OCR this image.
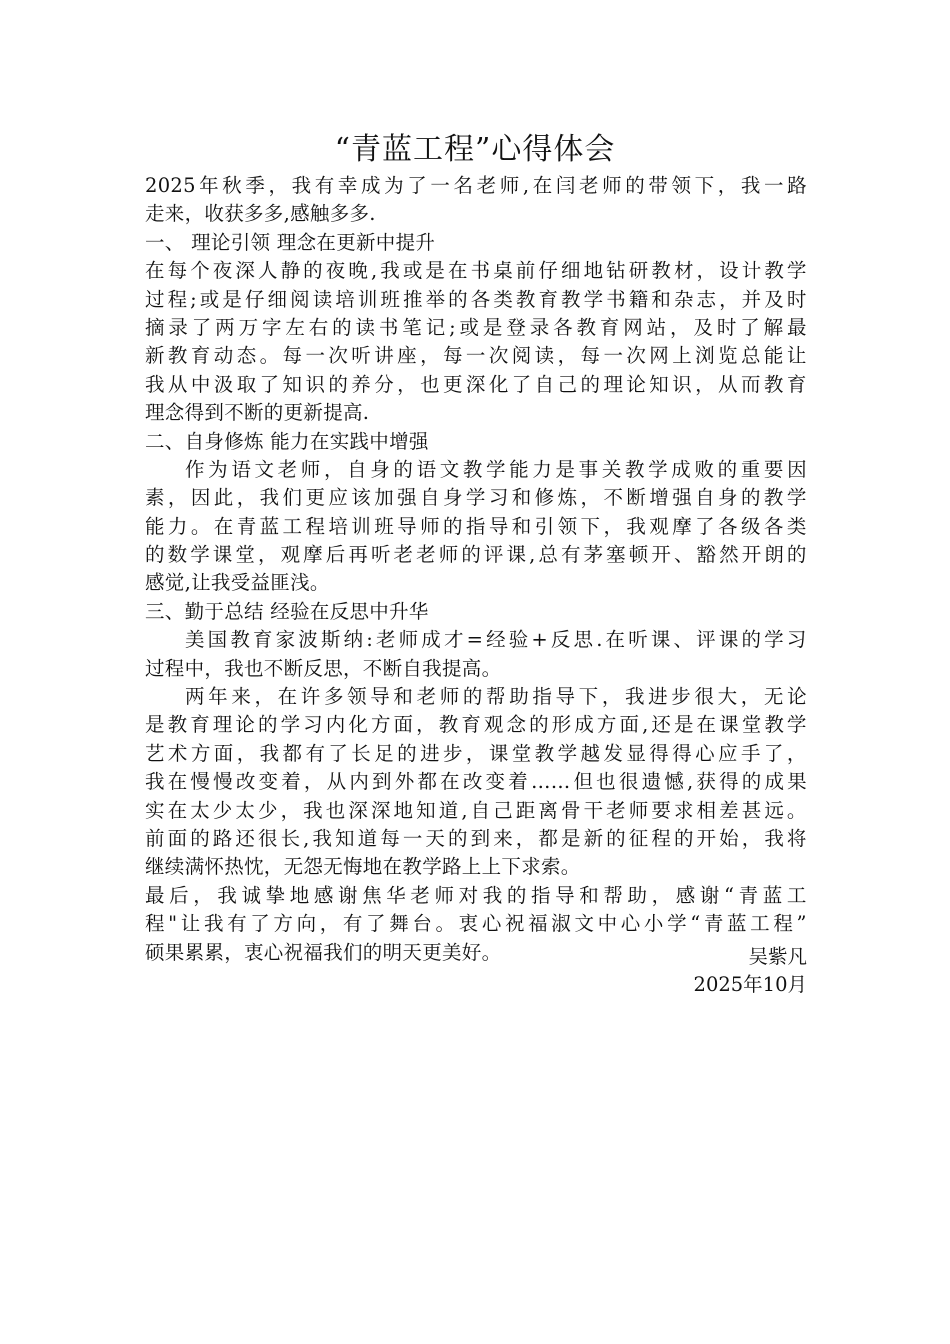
“青蓝工程”心得体会
2025 年 秋 季 ， 我 有 幸 成 为 了 一 名 老 师 , 在 闫 老 师 的 带 领 下 ， 我 一 路
走来，收获多多,感触多多.
一、 理论引领 理念在更新中提升
在 每 个 夜 深 人 静 的 夜 晚 , 我 或 是 在 书 桌 前 仔 细 地 钻 研 教 材 ， 设 计 教 学
过 程 ; 或 是 仔 细 阅 读 培 训 班 推 举 的 各 类 教 育 教 学 书 籍 和 杂 志 ， 并 及 时
摘 录 了 两 万 字 左 右 的 读 书 笔 记 ; 或 是 登 录 各 教 育 网 站 ， 及 时 了 解 最
新 教 育 动 态 。 每 一 次 听 讲 座 ， 每 一 次 阅 读 ， 每 一 次 网 上 浏 览 总 能 让
我 从 中 汲 取 了 知 识 的 养 分 ， 也 更 深 化 了 自 己 的 理 论 知 识 ， 从 而 教 育
理念得到不断的更新提高.
二、自身修炼 能力在实践中增强
作 为 语 文 老 师 ， 自 身 的 语 文 教 学 能 力 是 事 关 教 学 成 败 的 重 要 因
素 ， 因 此 ， 我 们 更 应 该 加 强 自 身 学 习 和 修 炼 ， 不 断 增 强 自 身 的 教 学
能 力 。 在 青 蓝 工 程 培 训 班 导 师 的 指 导 和 引 领 下 ， 我 观 摩 了 各 级 各 类
的 数 学 课 堂 ， 观 摩 后 再 听 老 老 师 的 评 课 , 总 有 茅 塞 顿 开 、 豁 然 开 朗 的
感觉,让我受益匪浅。
三、勤于总结 经验在反思中升华
美 国 教 育 家 波 斯 纳 : 老 师 成 才 = 经 验 + 反 思 . 在 听 课 、 评 课 的 学 习
过程中，我也不断反思，不断自我提高。
两 年 来 ， 在 许 多 领 导 和 老 师 的 帮 助 指 导 下 ， 我 进 步 很 大 ， 无 论
是 教 育 理 论 的 学 习 内 化 方 面 ， 教 育 观 念 的 形 成 方 面 , 还 是 在 课 堂 教 学
艺 术 方 面 ， 我 都 有 了 长 足 的 进 步 ， 课 堂 教 学 越 发 显 得 得 心 应 手 了 ，
我 在 慢 慢 改 变 着 ， 从 内 到 外 都 在 改 变 着 …… 但 也 很 遗 憾 , 获 得 的 成 果
实 在 太 少 太 少 ， 我 也 深 深 地 知 道 , 自 己 距 离 骨 干 老 师 要 求 相 差 甚 远 。
前 面 的 路 还 很 长 , 我 知 道 每 一 天 的 到 来 ， 都 是 新 的 征 程 的 开 始 ， 我 将
继续满怀热忱，无怨无悔地在教学路上上下求索。
最 后 ， 我 诚 挚 地 感 谢 焦 华 老 师 对 我 的 指 导 和 帮 助 ， 感 谢 “ 青 蓝 工
程 " 让 我 有 了 方 向 ， 有 了 舞 台 。 衷 心 祝 福 淑 文 中 心 小 学 “ 青 蓝 工 程 ”
硕果累累，衷心祝福我们的明天更美好。	吴紫凡
2025年10月
